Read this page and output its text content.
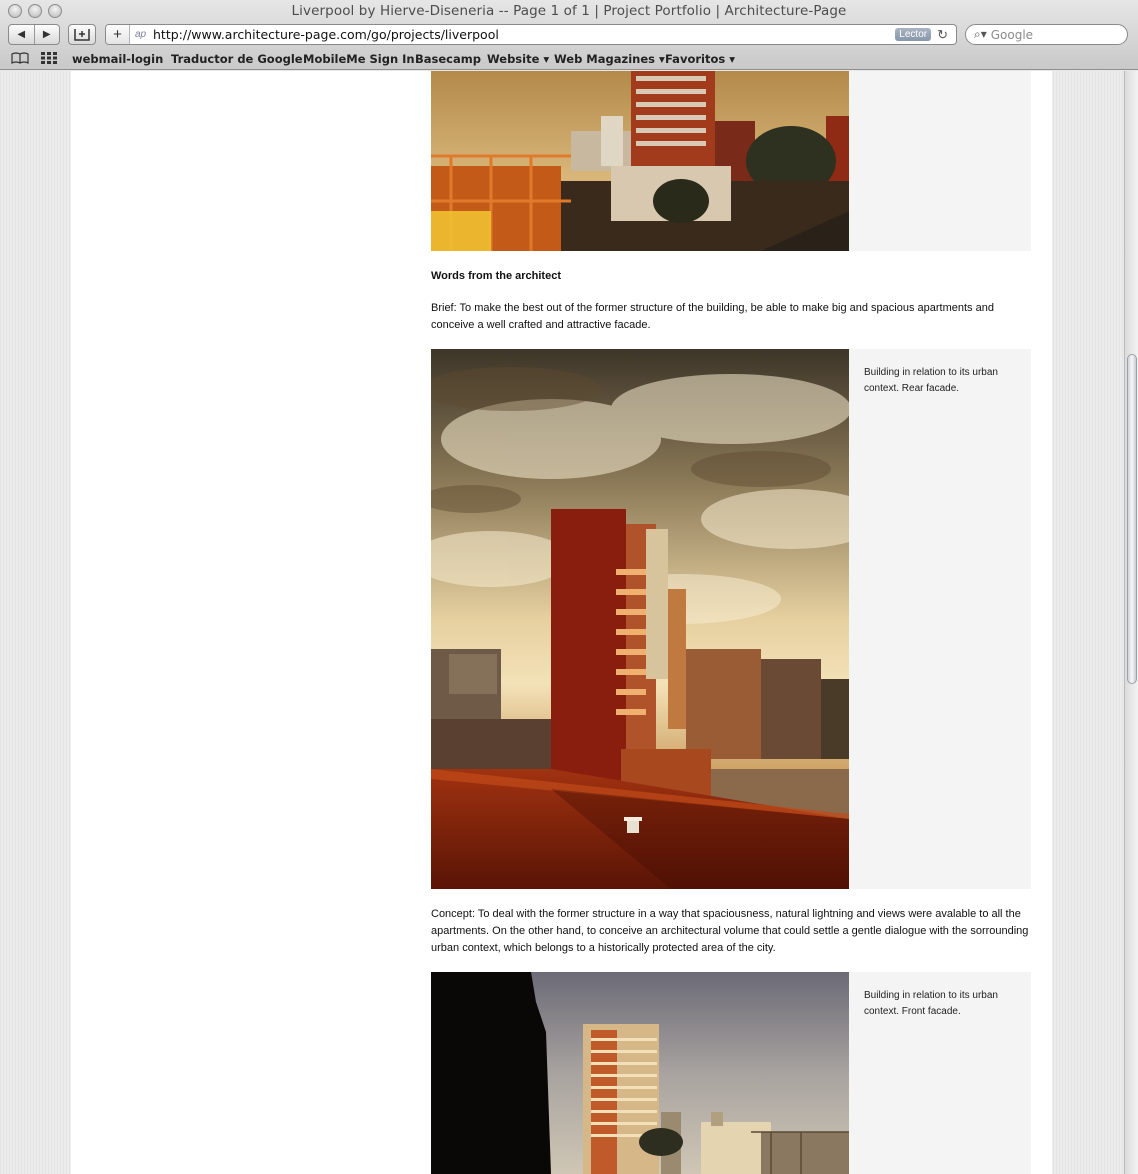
Liverpool by Hierve-Diseneria -- Page 1 of 1 | Project Portfolio | Architecture-Page
◀	▶	+	ap http://www.architecture-page.com/go/projects/liverpool	Lector ↻ ⌕▾ Google
webmail-login Traductor de Google MobileMe Sign In Basecamp Website ▾ Web Magazines ▾ Favoritos ▾
Words from the architect
Brief: To make the best out of the former structure of the building, be able to make big and spacious apartments and conceive a well crafted and attractive facade.
Building in relation to its urban context. Rear facade.
Concept: To deal with the former structure in a way that spaciousness, natural lightning and views were avalable to all the apartments. On the other hand, to conceive an architectural volume that could settle a gentle dialogue with the sorrounding urban context, which belongs to a historically protected area of the city.
Building in relation to its urban context. Front facade.
